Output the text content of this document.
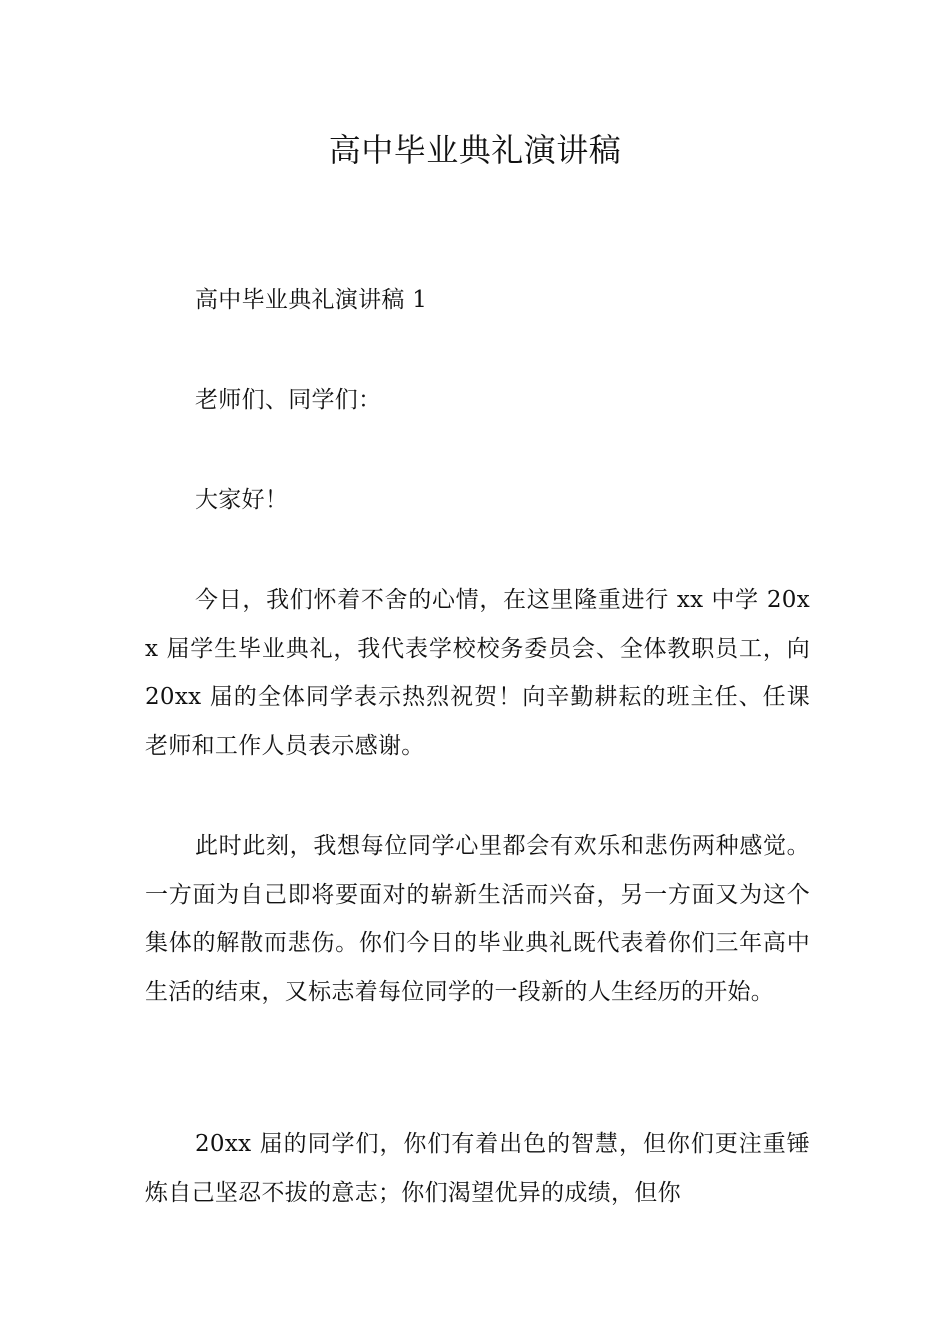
高中毕业典礼演讲稿

高中毕业典礼演讲稿 1

老师们、同学们：

大家好！

今日，我们怀着不舍的心情，在这里隆重进行 xx 中学 20xx 届学生毕业典礼，我代表学校校务委员会、全体教职员工，向 20xx 届的全体同学表示热烈祝贺！向辛勤耕耘的班主任、任课老师和工作人员表示感谢。

此时此刻，我想每位同学心里都会有欢乐和悲伤两种感觉。一方面为自己即将要面对的崭新生活而兴奋，另一方面又为这个集体的解散而悲伤。你们今日的毕业典礼既代表着你们三年高中生活的结束，又标志着每位同学的一段新的人生经历的开始。

20xx 届的同学们，你们有着出色的智慧，但你们更注重锤炼自己坚忍不拔的意志；你们渴望优异的成绩，但你
